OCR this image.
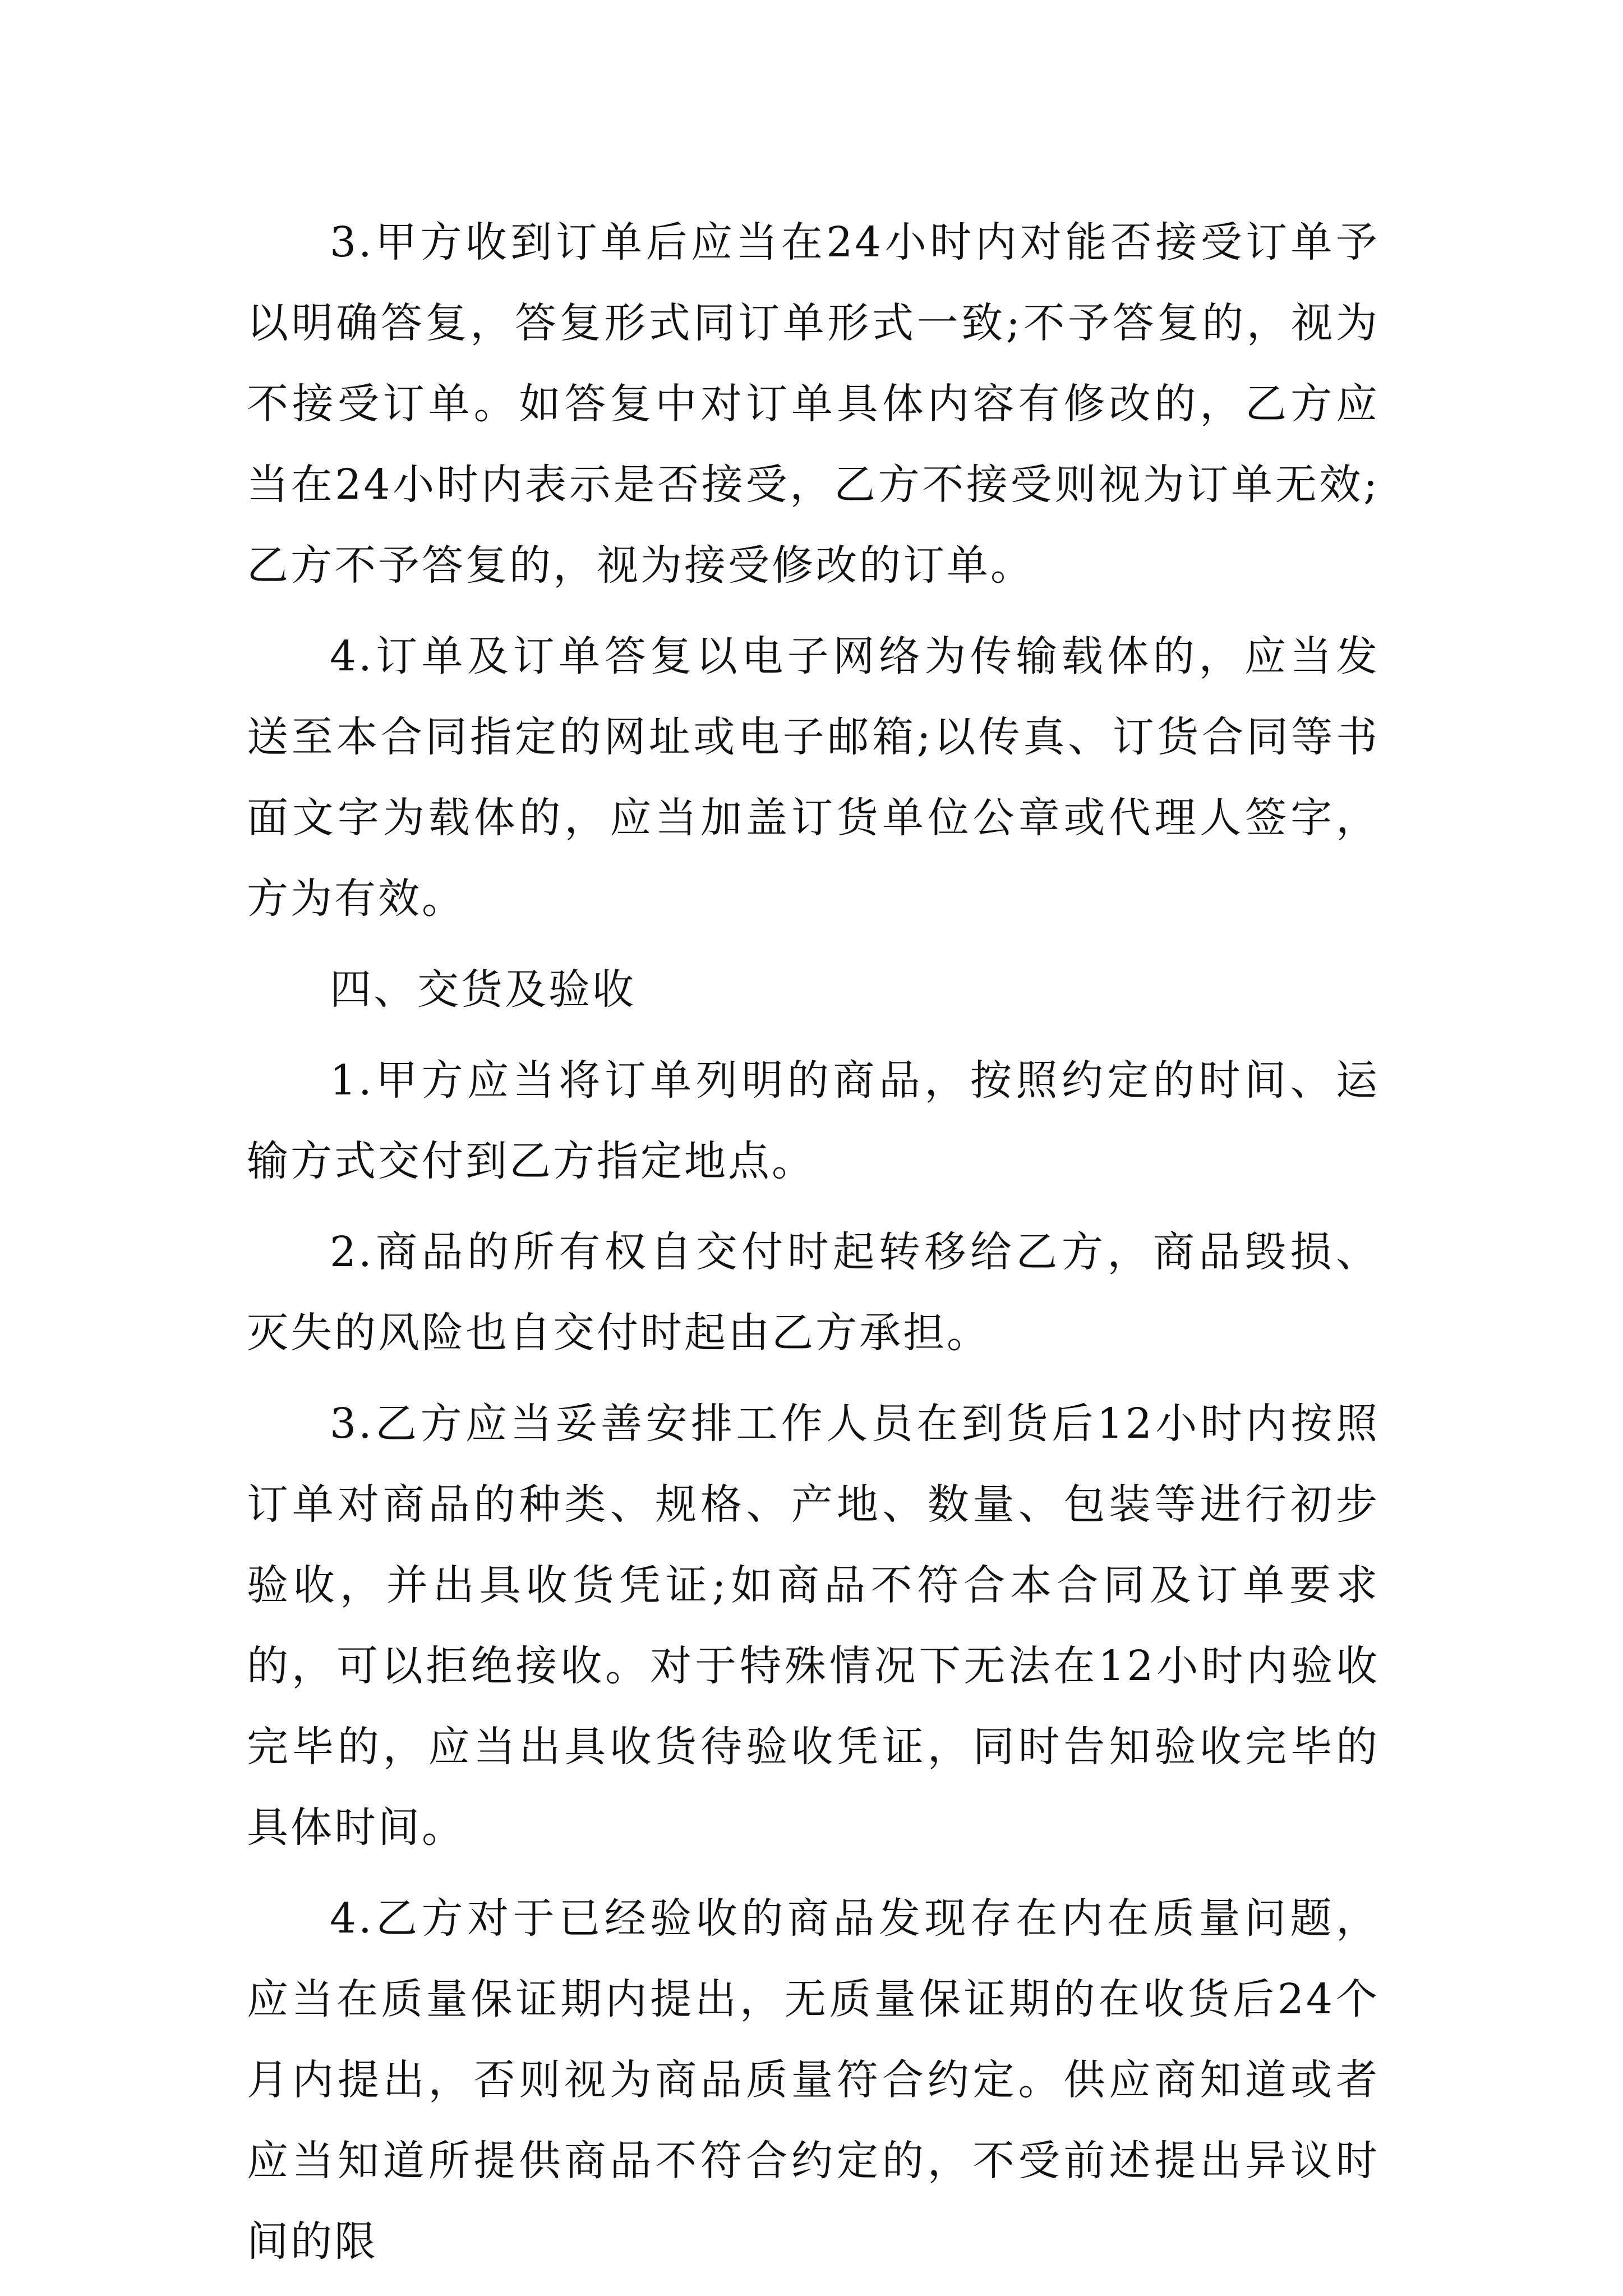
3.甲方收到订单后应当在24小时内对能否接受订单予以明确答复，答复形式同订单形式一致;不予答复的，视为不接受订单。如答复中对订单具体内容有修改的，乙方应当在24小时内表示是否接受，乙方不接受则视为订单无效;乙方不予答复的，视为接受修改的订单。

4.订单及订单答复以电子网络为传输载体的，应当发送至本合同指定的网址或电子邮箱;以传真、订货合同等书面文字为载体的，应当加盖订货单位公章或代理人签字，方为有效。

四、交货及验收

1.甲方应当将订单列明的商品，按照约定的时间、运输方式交付到乙方指定地点。

2.商品的所有权自交付时起转移给乙方，商品毁损、灭失的风险也自交付时起由乙方承担。

3.乙方应当妥善安排工作人员在到货后12小时内按照订单对商品的种类、规格、产地、数量、包装等进行初步验收，并出具收货凭证;如商品不符合本合同及订单要求的，可以拒绝接收。对于特殊情况下无法在12小时内验收完毕的，应当出具收货待验收凭证，同时告知验收完毕的具体时间。

4.乙方对于已经验收的商品发现存在内在质量问题，应当在质量保证期内提出，无质量保证期的在收货后24个月内提出，否则视为商品质量符合约定。供应商知道或者应当知道所提供商品不符合约定的，不受前述提出异议时间的限
